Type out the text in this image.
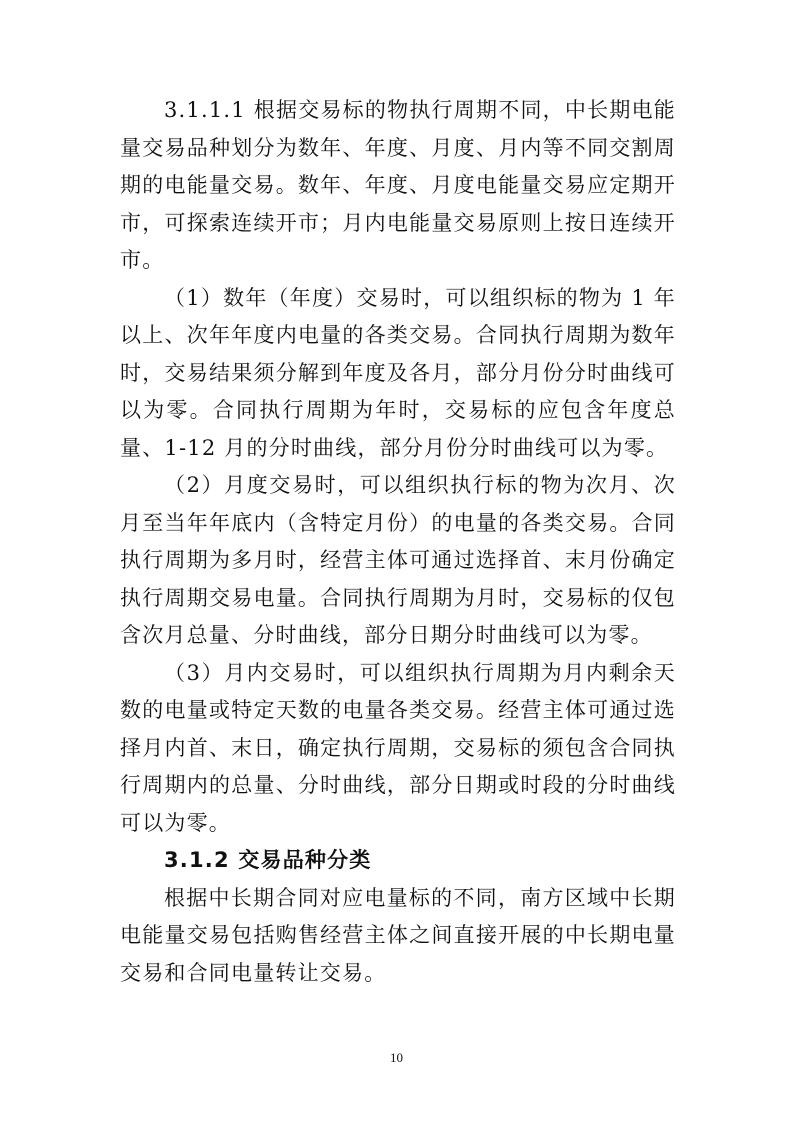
3.1.1.1 根据交易标的物执行周期不同，中长期电能量交易品种划分为数年、年度、月度、月内等不同交割周期的电能量交易。数年、年度、月度电能量交易应定期开市，可探索连续开市；月内电能量交易原则上按日连续开市。

（1）数年（年度）交易时，可以组织标的物为 1 年以上、次年年度内电量的各类交易。合同执行周期为数年时，交易结果须分解到年度及各月，部分月份分时曲线可以为零。合同执行周期为年时，交易标的应包含年度总量、1-12 月的分时曲线，部分月份分时曲线可以为零。

（2）月度交易时，可以组织执行标的物为次月、次月至当年年底内（含特定月份）的电量的各类交易。合同执行周期为多月时，经营主体可通过选择首、末月份确定执行周期交易电量。合同执行周期为月时，交易标的仅包含次月总量、分时曲线，部分日期分时曲线可以为零。

（3）月内交易时，可以组织执行周期为月内剩余天数的电量或特定天数的电量各类交易。经营主体可通过选择月内首、末日，确定执行周期，交易标的须包含合同执行周期内的总量、分时曲线，部分日期或时段的分时曲线可以为零。

3.1.2 交易品种分类

根据中长期合同对应电量标的不同，南方区域中长期电能量交易包括购售经营主体之间直接开展的中长期电量交易和合同电量转让交易。

10
